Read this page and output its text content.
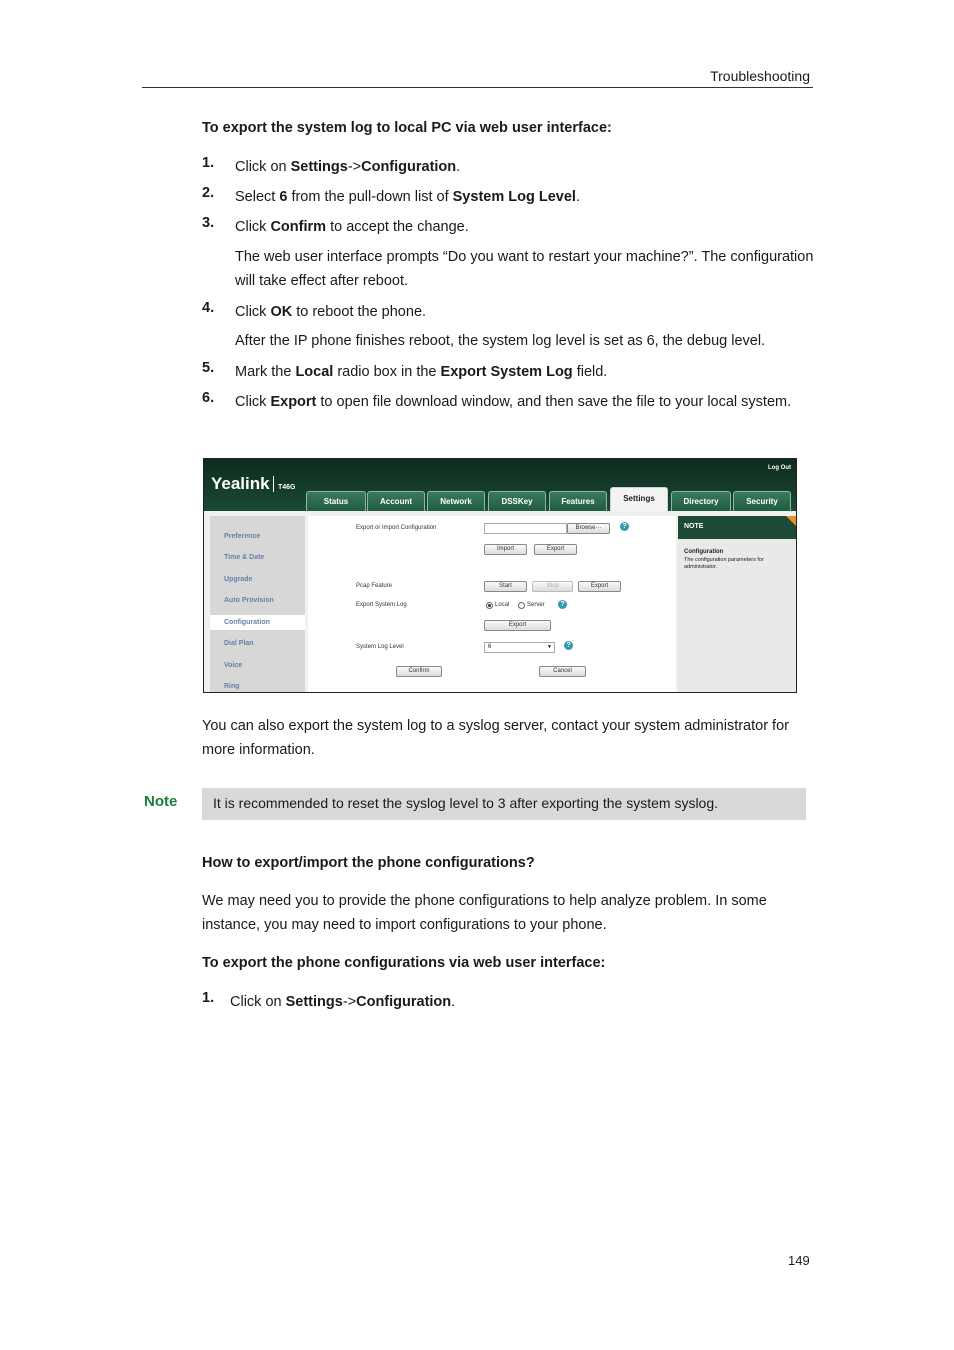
Troubleshooting
To export the system log to local PC via web user interface:
1. Click on Settings->Configuration.
2. Select 6 from the pull-down list of System Log Level.
3. Click Confirm to accept the change.
The web user interface prompts “Do you want to restart your machine?”. The configuration will take effect after reboot.
4. Click OK to reboot the phone.
After the IP phone finishes reboot, the system log level is set as 6, the debug level.
5. Mark the Local radio box in the Export System Log field.
6. Click Export to open file download window, and then save the file to your local system.
Yealink T46G
Log Out
Status	Account	Network	DSSKey	Features	Settings	Directory	Security
Preference
Time & Date
Upgrade
Auto Provision
Configuration
Dial Plan
Voice
Ring
Export or Import Configuration	Browse···	?
Import	Export
Pcap Feature	Start	Stop	Export
Export System Log	Local	Server	?
Export
System Log Level	6	▼	?
Confirm	Cancel
NOTE
Configuration
The configuration parameters for administrator.
You can also export the system log to a syslog server, contact your system administrator for more information.
Note	It is recommended to reset the syslog level to 3 after exporting the system syslog.
How to export/import the phone configurations?
We may need you to provide the phone configurations to help analyze problem. In some instance, you may need to import configurations to your phone.
To export the phone configurations via web user interface:
1. Click on Settings->Configuration.
149
